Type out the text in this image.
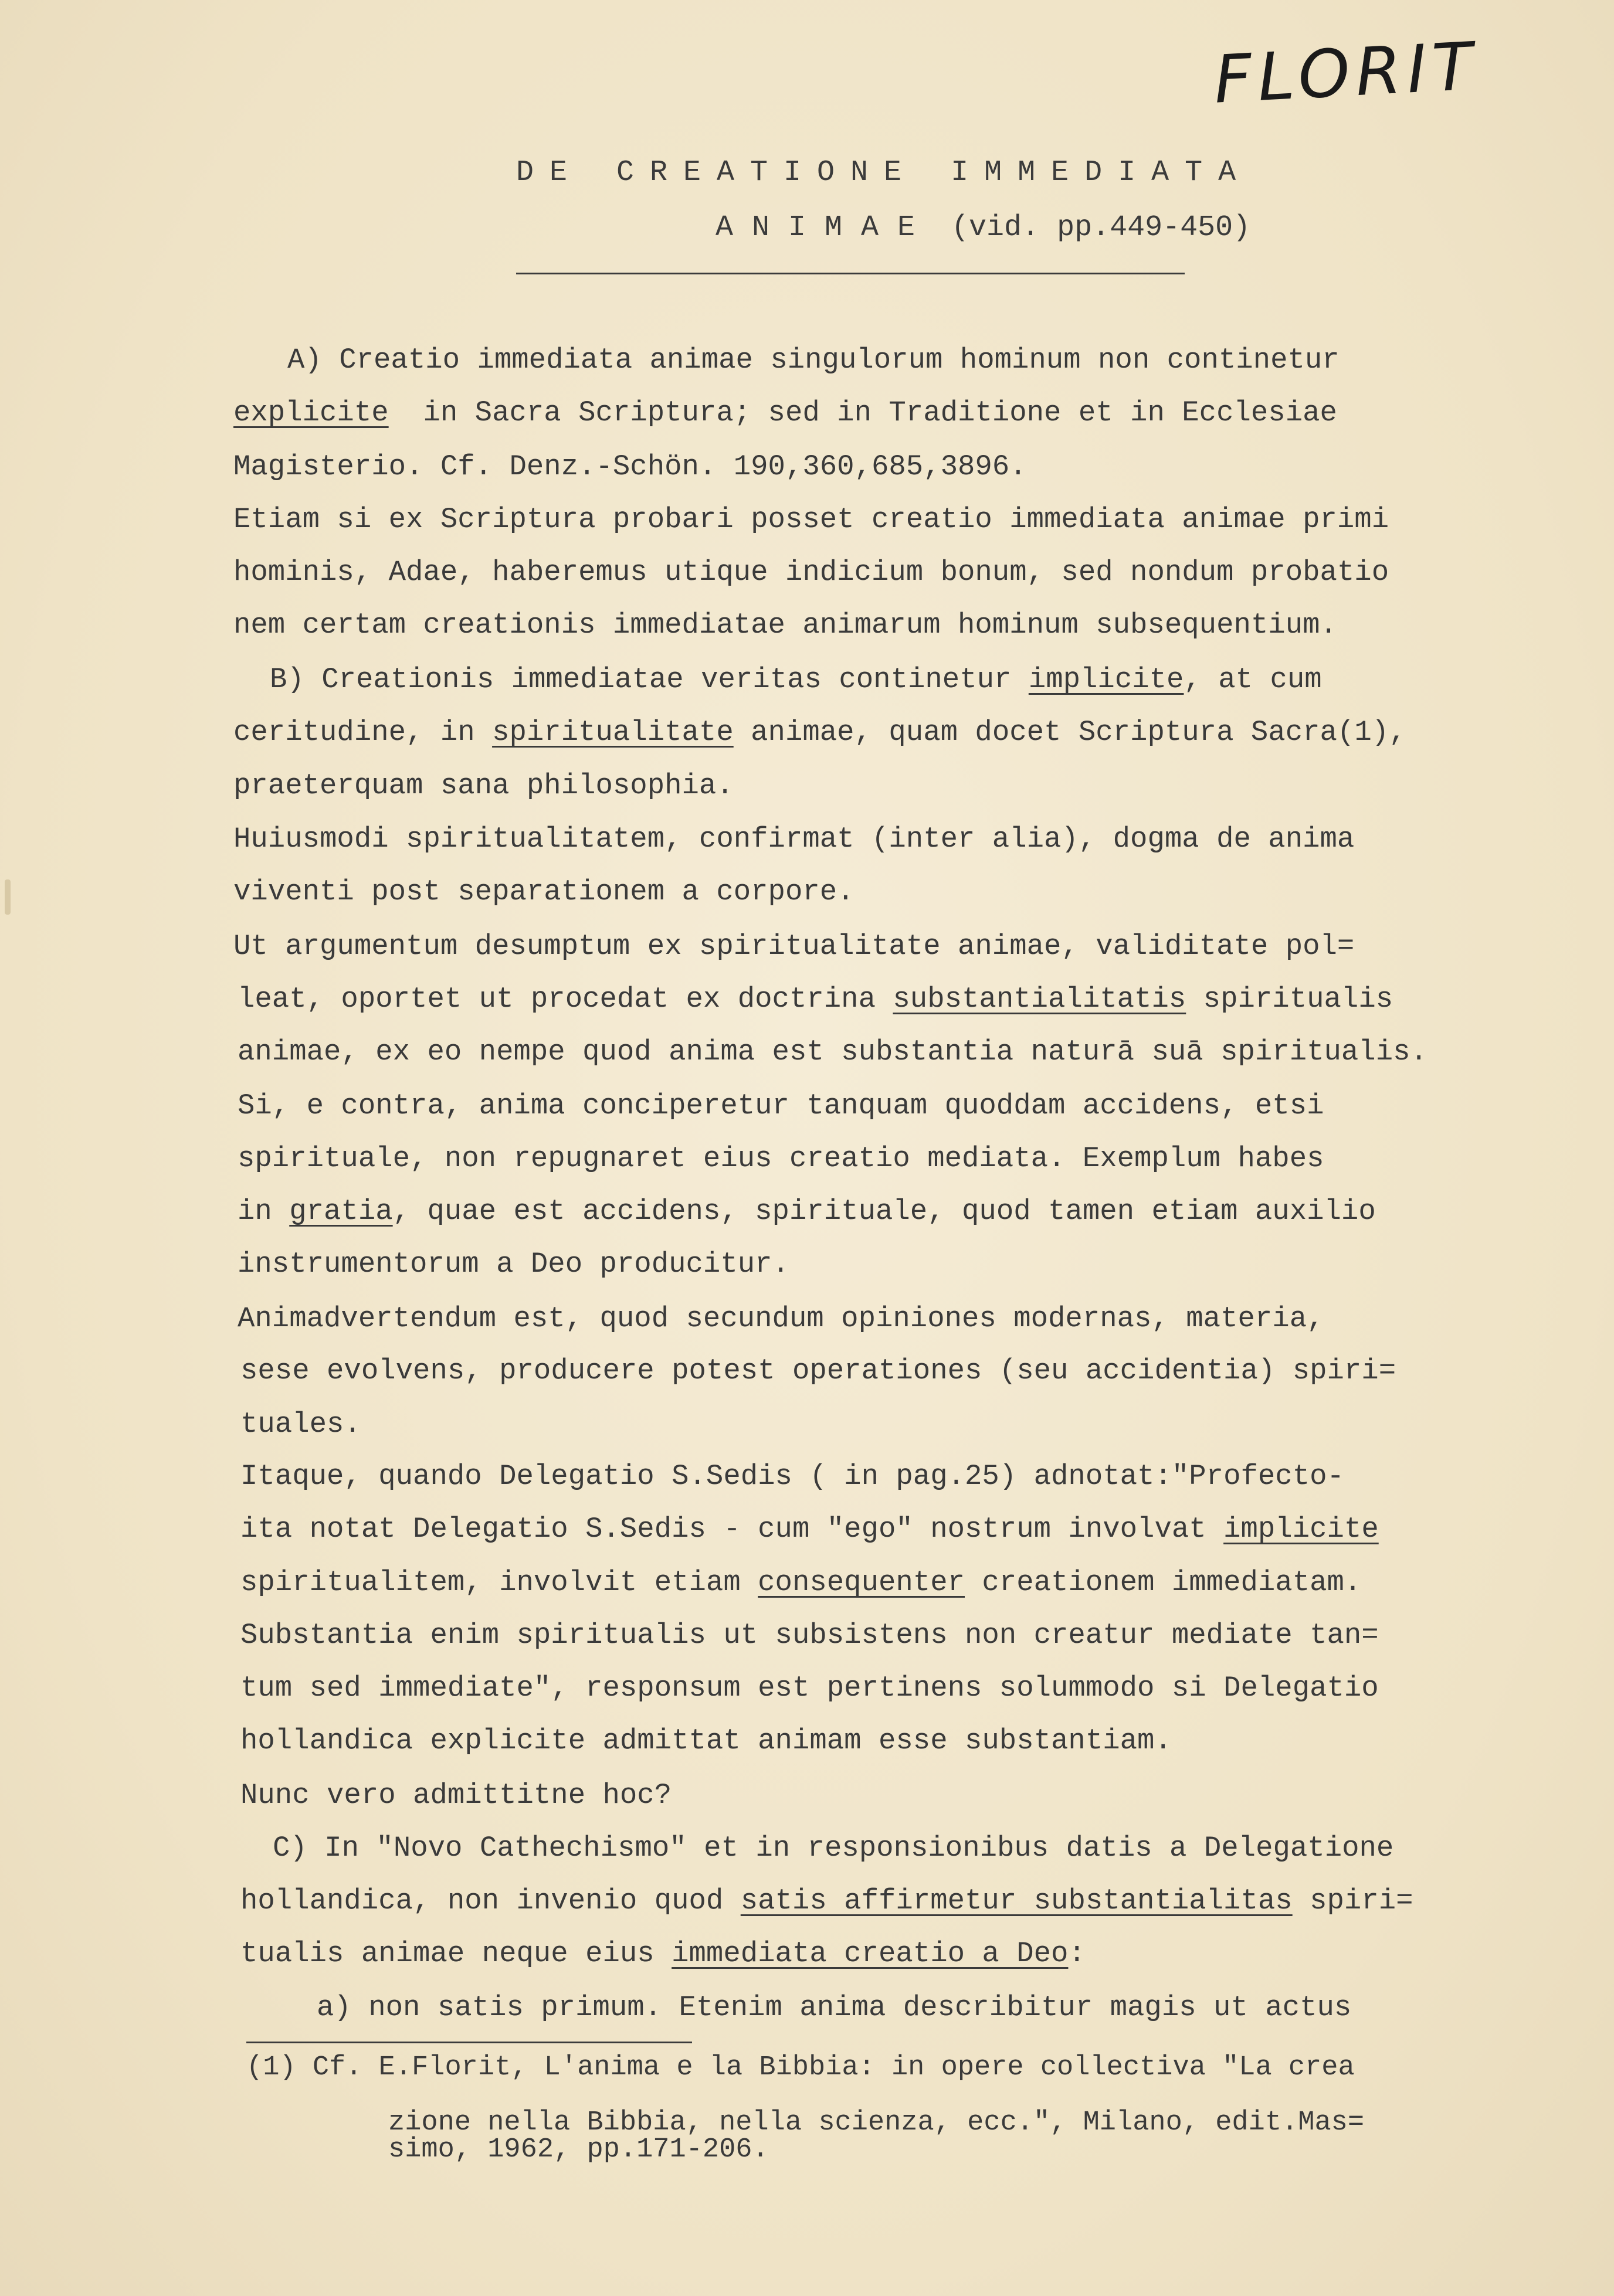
FLORIT
DE CREATIONE IMMEDIATA
ANIMAE (vid. pp.449-450)
A) Creatio immediata animae singulorum hominum non continetur
explicite  in Sacra Scriptura; sed in Traditione et in Ecclesiae
Magisterio. Cf. Denz.-Schön. 190,360,685,3896.
Etiam si ex Scriptura probari posset creatio immediata animae primi
hominis, Adae, haberemus utique indicium bonum, sed nondum probatio
nem certam creationis immediatae animarum hominum subsequentium.
B) Creationis immediatae veritas continetur implicite, at cum
ceritudine, in spiritualitate animae, quam docet Scriptura Sacra(1),
praeterquam sana philosophia.
Huiusmodi spiritualitatem, confirmat (inter alia), dogma de anima
viventi post separationem a corpore.
Ut argumentum desumptum ex spiritualitate animae, validitate pol=
leat, oportet ut procedat ex doctrina substantialitatis spiritualis
animae, ex eo nempe quod anima est substantia naturā suā spiritualis.
Si, e contra, anima conciperetur tanquam quoddam accidens, etsi
spirituale, non repugnaret eius creatio mediata. Exemplum habes
in gratia, quae est accidens, spirituale, quod tamen etiam auxilio
instrumentorum a Deo producitur.
Animadvertendum est, quod secundum opiniones modernas, materia,
sese evolvens, producere potest operationes (seu accidentia) spiri=
tuales.
Itaque, quando Delegatio S.Sedis ( in pag.25) adnotat:"Profecto-
ita notat Delegatio S.Sedis - cum "ego" nostrum involvat implicite
spiritualitem, involvit etiam consequenter creationem immediatam.
Substantia enim spiritualis ut subsistens non creatur mediate tan=
tum sed immediate", responsum est pertinens solummodo si Delegatio
hollandica explicite admittat animam esse substantiam.
Nunc vero admittitne hoc?
C) In "Novo Cathechismo" et in responsionibus datis a Delegatione
hollandica, non invenio quod satis affirmetur substantialitas spiri=
tualis animae neque eius immediata creatio a Deo:
a) non satis primum. Etenim anima describitur magis ut actus
(1) Cf. E.Florit, L'anima e la Bibbia: in opere collectiva "La crea
zione nella Bibbia, nella scienza, ecc.", Milano, edit.Mas=
simo, 1962, pp.171-206.
